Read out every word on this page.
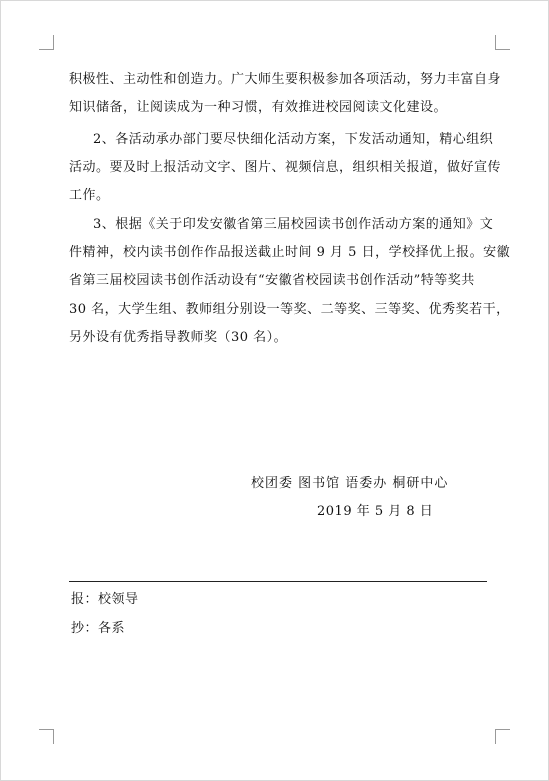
积极性、主动性和创造力。广大师生要积极参加各项活动，努力丰富自身
知识储备，让阅读成为一种习惯，有效推进校园阅读文化建设。
2、各活动承办部门要尽快细化活动方案，下发活动通知，精心组织
活动。要及时上报活动文字、图片、视频信息，组织相关报道，做好宣传
工作。
3、根据《关于印发安徽省第三届校园读书创作活动方案的通知》文
件精神，校内读书创作作品报送截止时间 9 月 5 日，学校择优上报。安徽
省第三届校园读书创作活动设有“安徽省校园读书创作活动”特等奖共
30 名，大学生组、教师组分别设一等奖、二等奖、三等奖、优秀奖若干，
另外设有优秀指导教师奖（30 名）。
校团委 图书馆 语委办 桐研中心
2019 年 5 月 8 日
报：校领导
抄：各系
